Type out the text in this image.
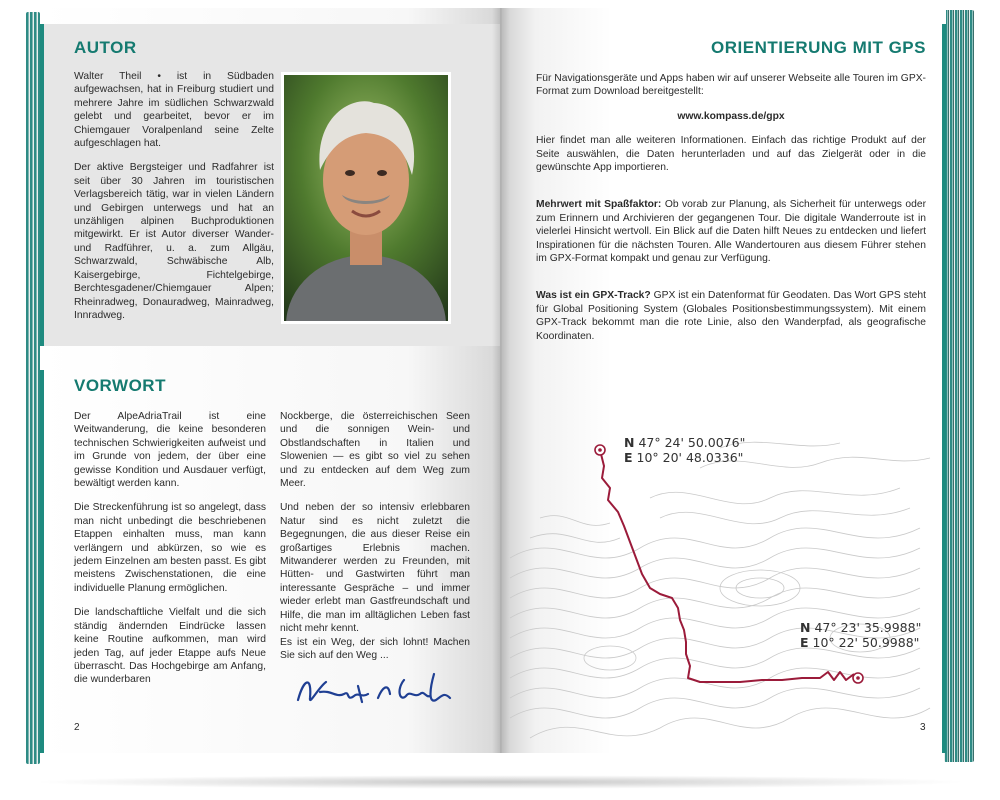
AUTOR

Walter Theil • ist in Südbaden aufgewachsen, hat in Freiburg studiert und mehrere Jahre im südlichen Schwarzwald gelebt und gearbeitet, bevor er im Chiemgauer Voralpenland seine Zelte aufgeschlagen hat.

Der aktive Bergsteiger und Radfahrer ist seit über 30 Jahren im touristischen Verlagsbereich tätig, war in vielen Ländern und Gebirgen unterwegs und hat an unzähligen alpinen Buchproduktionen mitgewirkt. Er ist Autor diverser Wander- und Radführer, u. a. zum Allgäu, Schwarzwald, Schwäbische Alb, Kaisergebirge, Fichtelgebirge, Berchtesgadener/Chiemgauer Alpen; Rheinradweg, Donauradweg, Mainradweg, Innradweg.

VORWORT

Der AlpeAdriaTrail ist eine Weitwanderung, die keine besonderen technischen Schwierigkeiten aufweist und im Grunde von jedem, der über eine gewisse Kondition und Ausdauer verfügt, bewältigt werden kann.

Die Streckenführung ist so angelegt, dass man nicht unbedingt die beschriebenen Etappen einhalten muss, man kann verlängern und abkürzen, so wie es jedem Einzelnen am besten passt. Es gibt meistens Zwischenstationen, die eine individuelle Planung ermöglichen.

Die landschaftliche Vielfalt und die sich ständig ändernden Eindrücke lassen keine Routine aufkommen, man wird jeden Tag, auf jeder Etappe aufs Neue überrascht. Das Hochgebirge am Anfang, die wunderbaren

Nockberge, die österreichischen Seen und die sonnigen Wein- und Obstlandschaften in Italien und Slowenien — es gibt so viel zu sehen und zu entdecken auf dem Weg zum Meer.

Und neben der so intensiv erlebbaren Natur sind es nicht zuletzt die Begegnungen, die aus dieser Reise ein großartiges Erlebnis machen. Mitwanderer werden zu Freunden, mit Hütten- und Gastwirten führt man interessante Gespräche – und immer wieder erlebt man Gastfreundschaft und Hilfe, die man im alltäglichen Leben fast nicht mehr kennt.

Es ist ein Weg, der sich lohnt! Machen Sie sich auf den Weg ...

2
ORIENTIERUNG MIT GPS

Für Navigationsgeräte und Apps haben wir auf unserer Webseite alle Touren im GPX-Format zum Download bereitgestellt:

www.kompass.de/gpx

Hier findet man alle weiteren Informationen. Einfach das richtige Produkt auf der Seite auswählen, die Daten herunterladen und auf das Zielgerät oder in die gewünschte App importieren.

Mehrwert mit Spaßfaktor: Ob vorab zur Planung, als Sicherheit für unterwegs oder zum Erinnern und Archivieren der gegangenen Tour. Die digitale Wanderroute ist in vielerlei Hinsicht wertvoll. Ein Blick auf die Daten hilft Neues zu entdecken und liefert Inspirationen für die nächsten Touren. Alle Wandertouren aus diesem Führer stehen im GPX-Format kompakt und genau zur Verfügung.

Was ist ein GPX-Track? GPX ist ein Datenformat für Geodaten. Das Wort GPS steht für Global Positioning System (Globales Positionsbestimmungssystem). Mit einem GPX-Track bekommt man die rote Linie, also den Wanderpfad, als geografische Koordinaten.

N 47° 24' 50.0076"
E 10° 20' 48.0336"
N 47° 23' 35.9988"
E 10° 22' 50.9988"
3
